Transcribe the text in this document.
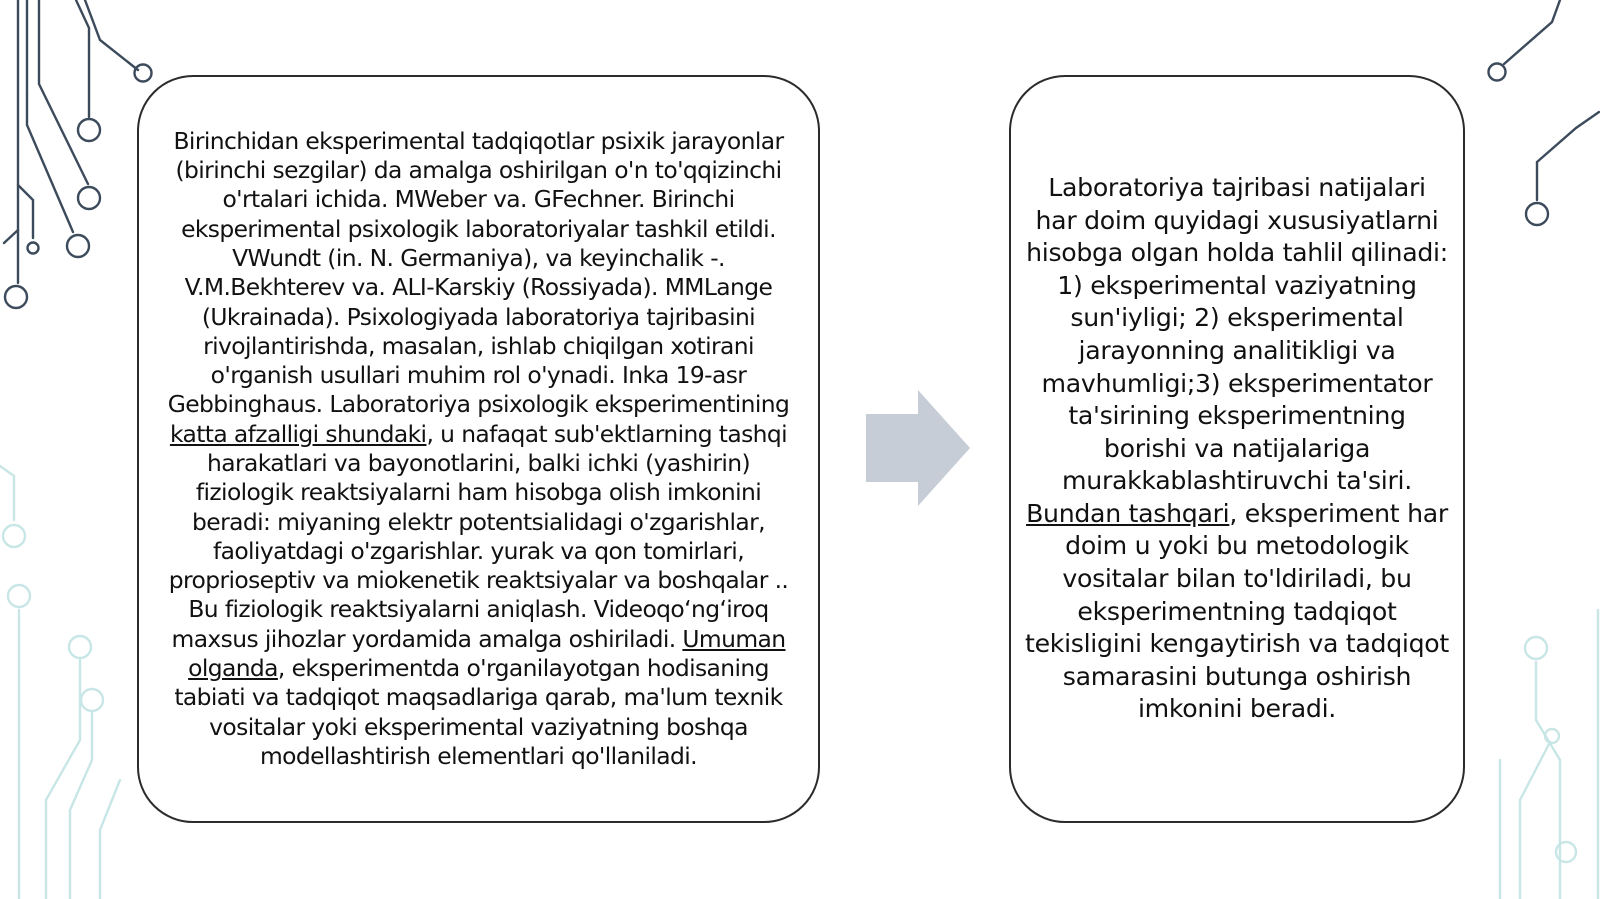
Birinchidan eksperimental tadqiqotlar psixik jarayonlar (birinchi sezgilar) da amalga oshirilgan o'n to'qqizinchi o'rtalari ichida. MWeber va. GFechner. Birinchi eksperimental psixologik laboratoriyalar tashkil etildi. VWundt (in. N. Germaniya), va keyinchalik -. V.M.Bekhterev va. ALI-Karskiy (Rossiyada). MMLange (Ukrainada). Psixologiyada laboratoriya tajribasini rivojlantirishda, masalan, ishlab chiqilgan xotirani o'rganish usullari muhim rol o'ynadi. Inka 19-asr Gebbinghaus. Laboratoriya psixologik eksperimentining katta afzalligi shundaki, u nafaqat sub'ektlarning tashqi harakatlari va bayonotlarini, balki ichki (yashirin) fiziologik reaktsiyalarni ham hisobga olish imkonini beradi: miyaning elektr potentsialidagi o'zgarishlar, faoliyatdagi o'zgarishlar. yurak va qon tomirlari, proprioseptiv va miokenetik reaktsiyalar va boshqalar .. Bu fiziologik reaktsiyalarni aniqlash. Videoqo‘ng‘iroq maxsus jihozlar yordamida amalga oshiriladi. Umuman olganda, eksperimentda o'rganilayotgan hodisaning tabiati va tadqiqot maqsadlariga qarab, ma'lum texnik vositalar yoki eksperimental vaziyatning boshqa modellashtirish elementlari qo'llaniladi.

Laboratoriya tajribasi natijalari har doim quyidagi xususiyatlarni hisobga olgan holda tahlil qilinadi: 1) eksperimental vaziyatning sun'iyligi; 2) eksperimental jarayonning analitikligi va mavhumligi;3) eksperimentator ta'sirining eksperimentning borishi va natijalariga murakkablashtiruvchi ta'siri. Bundan tashqari, eksperiment har doim u yoki bu metodologik vositalar bilan to'ldiriladi, bu eksperimentning tadqiqot tekisligini kengaytirish va tadqiqot samarasini butunga oshirish imkonini beradi.
